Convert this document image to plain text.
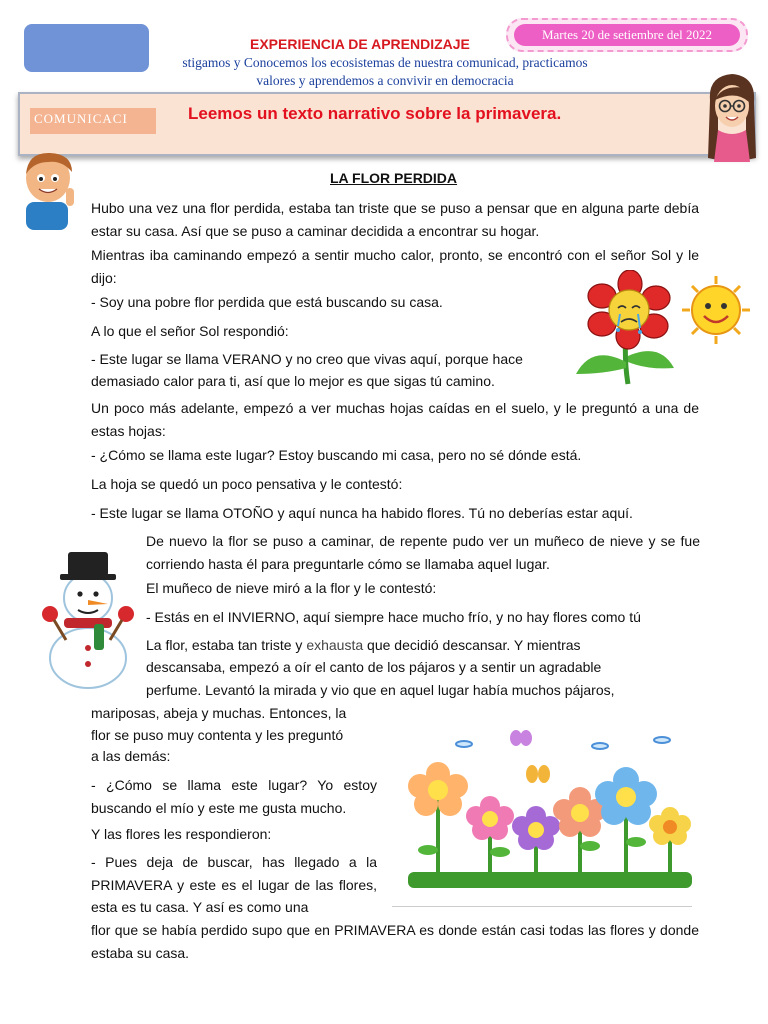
Martes 20 de setiembre del 2022
EXPERIENCIA DE APRENDIZAJE
stigamos y Conocemos los ecosistemas de nuestra comunicad, practicamos
valores y aprendemos a convivir en democracia
COMUNICACI	Leemos un texto narrativo sobre la primavera.
LA FLOR PERDIDA
Hubo una vez una flor perdida, estaba tan triste que se puso a pensar que en alguna parte debía estar su casa. Así que se puso a caminar decidida a encontrar su hogar.
Mientras iba caminando empezó a sentir mucho calor, pronto, se encontró con el señor Sol y le dijo:
- Soy una pobre flor perdida que está buscando su casa.
A lo que el señor Sol respondió:
- Este lugar se llama VERANO y no creo que vivas aquí, porque hace
demasiado calor para ti, así que lo mejor es que sigas tú camino.
Un poco más adelante, empezó a ver muchas hojas caídas en el suelo, y le preguntó a una de estas hojas:
- ¿Cómo se llama este lugar? Estoy buscando mi casa, pero no sé dónde está.
La hoja se quedó un poco pensativa y le contestó:
- Este lugar se llama OTOÑO y aquí nunca ha habido flores. Tú no deberías estar aquí.
De nuevo la flor se puso a caminar, de repente pudo ver un muñeco de nieve y se fue corriendo hasta él para preguntarle cómo se llamaba aquel lugar.
El muñeco de nieve miró a la flor y le contestó:
- Estás en el INVIERNO, aquí siempre hace mucho frío, y no hay flores como tú
La flor, estaba tan triste y exhausta que decidió descansar. Y mientras
descansaba, empezó a oír el canto de los pájaros y a sentir un agradable
perfume. Levantó la mirada y vio que en aquel lugar había muchos pájaros,
mariposas, abeja y muchas. Entonces, la
flor se puso muy contenta y les preguntó
a las demás:
- ¿Cómo se llama este lugar? Yo estoy buscando el mío y este me gusta mucho.
Y las flores les respondieron:
- Pues deja de buscar, has llegado a la PRIMAVERA y este es el lugar de las flores, esta es tu casa. Y así es como una
flor que se había perdido supo que en PRIMAVERA es donde están casi todas las flores y donde estaba su casa.
